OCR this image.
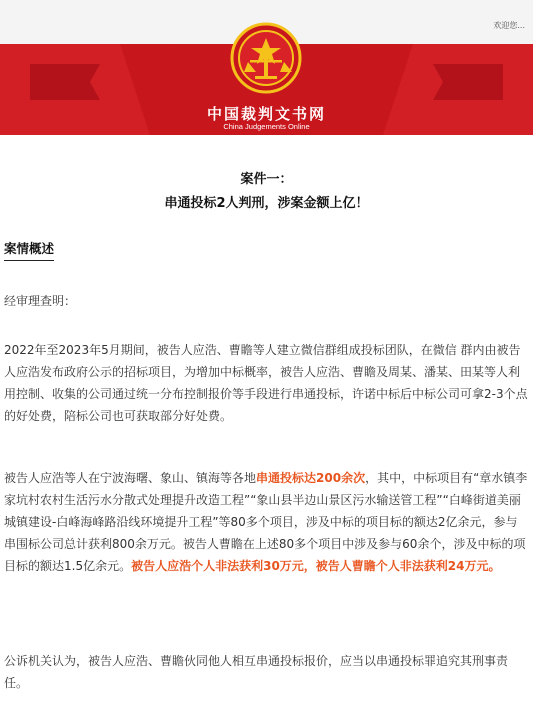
欢迎您...
中国裁判文书网
China Judgements Online
案件一：
串通投标2人判刑，涉案金额上亿！
案情概述
经审理查明：
2022年至2023年5月期间，被告人应浩、曹瞻等人建立微信群组成投标团队，在微信 群内由被告人应浩发布政府公示的招标项目，为增加中标概率，被告人应浩、曹瞻及周某、潘某、田某等人利用控制、收集的公司通过统一分布控制报价等手段进行串通投标，许诺中标后中标公司可拿2-3个点的好处费，陪标公司也可获取部分好处费。
被告人应浩等人在宁波海曙、象山、镇海等各地串通投标达200余次，其中，中标项目有“章水镇李家坑村农村生活污水分散式处理提升改造工程”“象山县半边山景区污水输送管工程”“白峰街道美丽城镇建设-白峰海峰路沿线环境提升工程”等80多个项目，涉及中标的项目标的额达2亿余元，参与串围标公司总计获利800余万元。被告人曹瞻在上述80多个项目中涉及参与60余个，涉及中标的项目标的额达1.5亿余元。被告人应浩个人非法获利30万元，被告人曹瞻个人非法获利24万元。
公诉机关认为，被告人应浩、曹瞻伙同他人相互串通投标报价，应当以串通投标罪追究其刑事责任。
